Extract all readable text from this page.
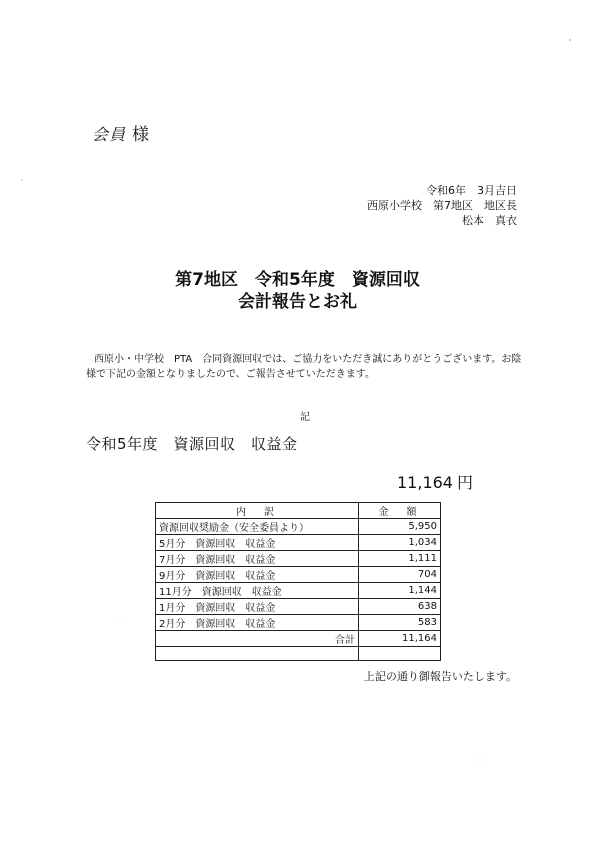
会員 様
令和6年　3月吉日
西原小学校　第7地区　地区長
松本　真衣
第7地区　令和5年度　資源回収
会計報告とお礼
西原小・中学校　PTA　合同資源回収では、ご協力をいただき誠にありがとうございます。お陰様で下記の金額となりましたので、ご報告させていただきます。
記
令和5年度　資源回収　収益金
11,164 円
内　訳	金　額
資源回収奨励金（安全委員より）	5,950
5月分　資源回収　収益金	1,034
7月分　資源回収　収益金	1,111
9月分　資源回収　収益金	704
11月分　資源回収　収益金	1,144
1月分　資源回収　収益金	638
2月分　資源回収　収益金	583
合計	11,164

上記の通り御報告いたします。
